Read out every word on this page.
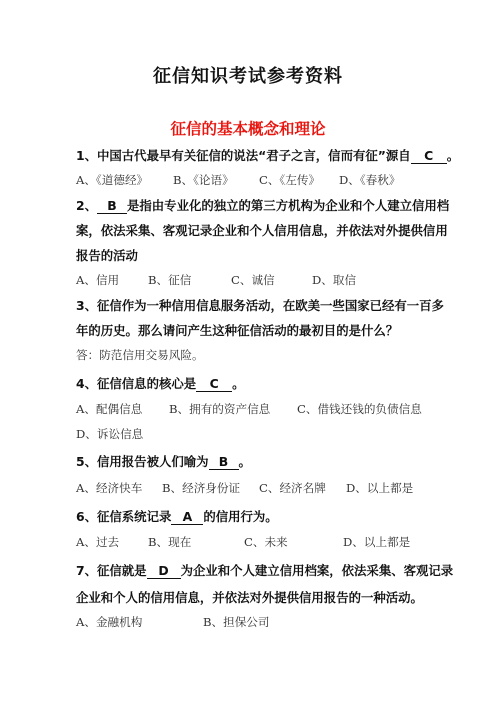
征信知识考试参考资料
征信的基本概念和理论
1、中国古代最早有关征信的说法“君子之言，信而有征”源自 C 。
A、《道德经》 B、《论语》 C、《左传》 D、《春秋》
2、 B 是指由专业化的独立的第三方机构为企业和个人建立信用档
案，依法采集、客观记录企业和个人信用信息，并依法对外提供信用
报告的活动
A、信用 B、征信	C、诚信	D、取信
3、征信作为一种信用信息服务活动，在欧美一些国家已经有一百多
年的历史。那么请问产生这种征信活动的最初目的是什么？
答：防范信用交易风险。
4、征信信息的核心是 C 。
A、配偶信息 B、拥有的资产信息 C、借钱还钱的负债信息
D、诉讼信息
5、信用报告被人们喻为 B 。
A、经济快车 B、经济身份证 C、经济名牌 D、以上都是
6、征信系统记录 A 的信用行为。
A、过去 B、现在	C、未来	D、以上都是
7、征信就是 D 为企业和个人建立信用档案，依法采集、客观记录
企业和个人的信用信息，并依法对外提供信用报告的一种活动。
A、金融机构	B、担保公司
